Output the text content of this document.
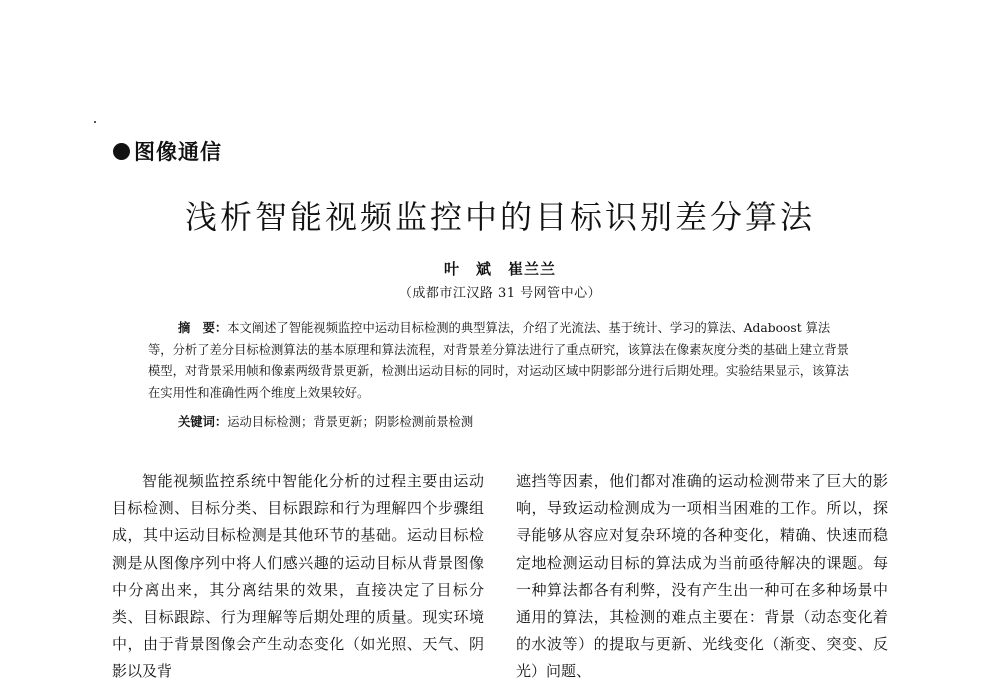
图像通信
浅析智能视频监控中的目标识别差分算法
叶　斌　崔兰兰
（成都市江汉路 31 号网管中心）

摘　要：本文阐述了智能视频监控中运动目标检测的典型算法，介绍了光流法、基于统计、学习的算法、Adaboost 算法等，分析了差分目标检测算法的基本原理和算法流程，对背景差分算法进行了重点研究，该算法在像素灰度分类的基础上建立背景模型，对背景采用帧和像素两级背景更新，检测出运动目标的同时，对运动区域中阴影部分进行后期处理。实验结果显示，该算法在实用性和准确性两个维度上效果较好。

关键词：运动目标检测；背景更新；阴影检测前景检测

智能视频监控系统中智能化分析的过程主要由运动目标检测、目标分类、目标跟踪和行为理解四个步骤组成，其中运动目标检测是其他环节的基础。运动目标检测是从图像序列中将人们感兴趣的运动目标从背景图像中分离出来，其分离结果的效果，直接决定了目标分类、目标跟踪、行为理解等后期处理的质量。现实环境中，由于背景图像会产生动态变化（如光照、天气、阴影以及背

遮挡等因素，他们都对准确的运动检测带来了巨大的影响，导致运动检测成为一项相当困难的工作。所以，探寻能够从容应对复杂环境的各种变化，精确、快速而稳定地检测运动目标的算法成为当前亟待解决的课题。每一种算法都各有利弊，没有产生出一种可在多种场景中通用的算法，其检测的难点主要在：背景（动态变化着的水波等）的提取与更新、光线变化（渐变、突变、反光）问题、
